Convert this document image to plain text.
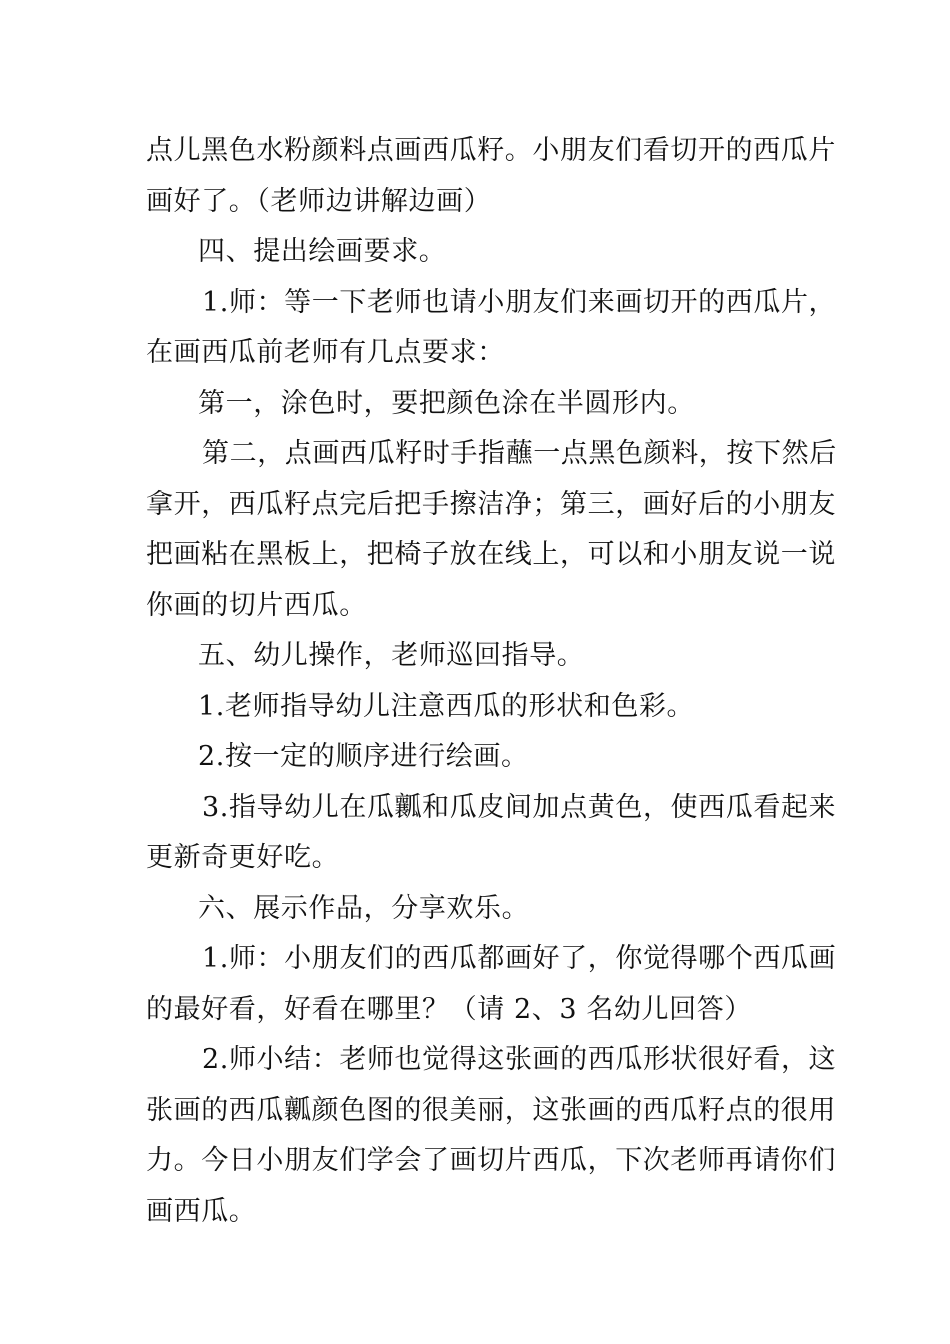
点儿黑色水粉颜料点画西瓜籽。小朋友们看切开的西瓜片

画好了。（老师边讲解边画）

四、提出绘画要求。

1.师：等一下老师也请小朋友们来画切开的西瓜片，

在画西瓜前老师有几点要求：

第一，涂色时，要把颜色涂在半圆形内。

第二，点画西瓜籽时手指蘸一点黑色颜料，按下然后

拿开，西瓜籽点完后把手擦洁净；第三，画好后的小朋友

把画粘在黑板上，把椅子放在线上，可以和小朋友说一说

你画的切片西瓜。

五、幼儿操作，老师巡回指导。

1.老师指导幼儿注意西瓜的形状和色彩。

2.按一定的顺序进行绘画。

3.指导幼儿在瓜瓤和瓜皮间加点黄色，使西瓜看起来

更新奇更好吃。

六、展示作品，分享欢乐。

1.师：小朋友们的西瓜都画好了，你觉得哪个西瓜画

的最好看，好看在哪里？（请 2、3 名幼儿回答）

2.师小结：老师也觉得这张画的西瓜形状很好看，这

张画的西瓜瓤颜色图的很美丽，这张画的西瓜籽点的很用

力。今日小朋友们学会了画切片西瓜，下次老师再请你们

画西瓜。
